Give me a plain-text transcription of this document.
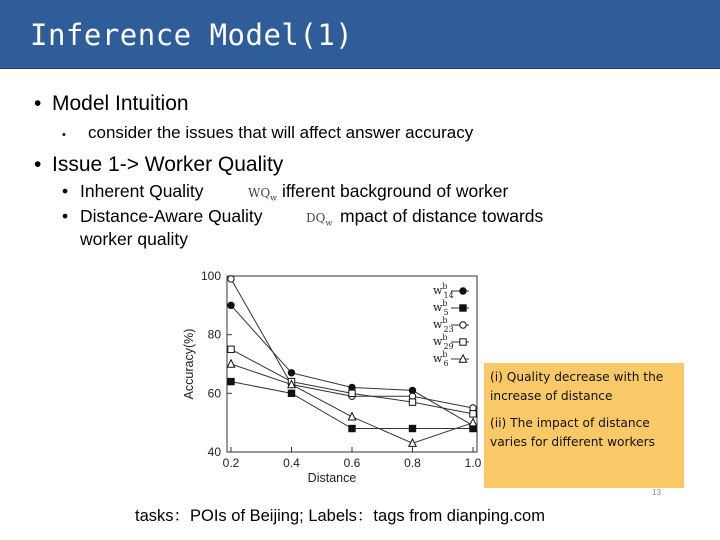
Inference Model(1)
• Model Intuition
• consider the issues that will affect answer accuracy
• Issue 1-> Worker Quality
• Inherent Quality	$WQ_w$ ifferent background of worker
• Distance-Aware Quality	$DQ_w$ mpact of distance towards
worker quality
40
60
80
100
0.2	0.4	0.6	0.8	1.0
Distance
Accuracy(%)
$w^b$ 14
$w^b$ 5
$w^b$ 23
$w^b$ 29
$w^b$ 6

(i) Quality decrease with the increase of distance

(ii) The impact of distance varies for different workers

13
tasks：POIs of Beijing; Labels：tags from dianping.com
